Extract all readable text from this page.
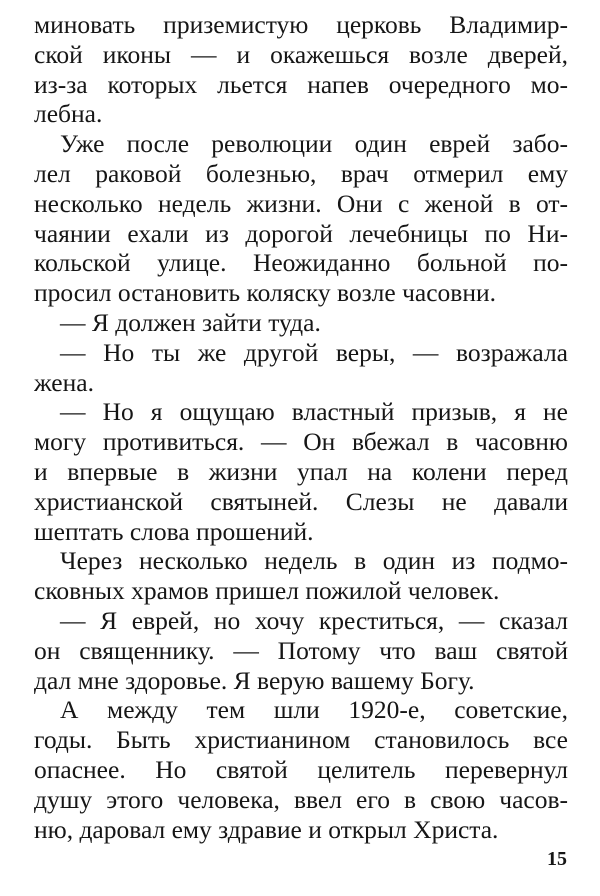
миновать приземистую церковь Владимир-
ской иконы — и окажешься возле дверей,
из-за которых льется напев очередного мо-
лебна.
Уже после революции один еврей забо-
лел раковой болезнью, врач отмерил ему
несколько недель жизни. Они с женой в от-
чаянии ехали из дорогой лечебницы по Ни-
кольской улице. Неожиданно больной по-
просил остановить коляску возле часовни.
— Я должен зайти туда.
— Но ты же другой веры, — возражала
жена.
— Но я ощущаю властный призыв, я не
могу противиться. — Он вбежал в часовню
и впервые в жизни упал на колени перед
христианской святыней. Слезы не давали
шептать слова прошений.
Через несколько недель в один из подмо-
сковных храмов пришел пожилой человек.
— Я еврей, но хочу креститься, — сказал
он священнику. — Потому что ваш святой
дал мне здоровье. Я верую вашему Богу.
А между тем шли 1920-е, советские,
годы. Быть христианином становилось все
опаснее. Но святой целитель перевернул
душу этого человека, ввел его в свою часов-
ню, даровал ему здравие и открыл Христа.
15
